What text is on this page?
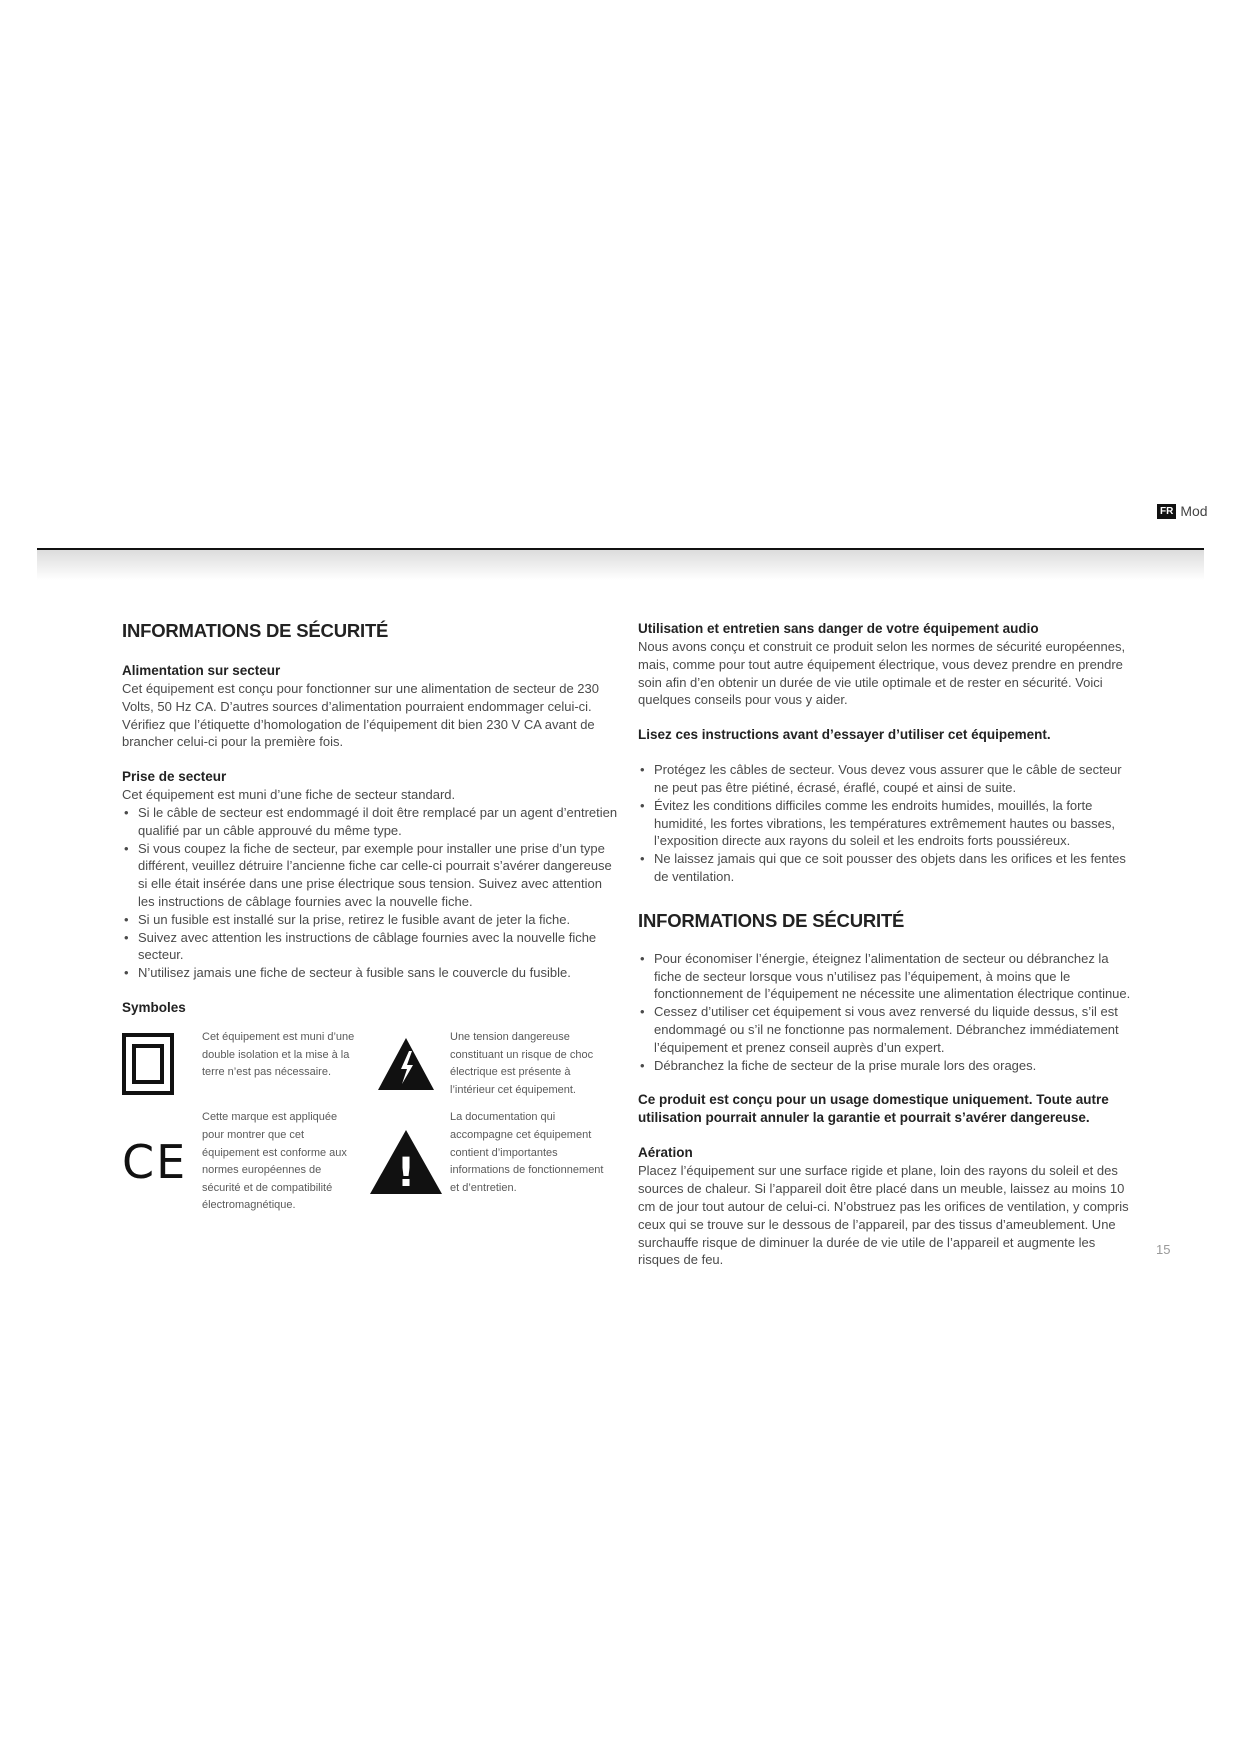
FR Mod
INFORMATIONS DE SÉCURITÉ
Alimentation sur secteur

Cet équipement est conçu pour fonctionner sur une alimentation de secteur de 230 Volts, 50 Hz CA. D’autres sources d’alimentation pourraient endommager celui-ci. Vérifiez que l’étiquette d’homologation de l’équipement dit bien 230 V CA avant de brancher celui-ci pour la première fois.

Prise de secteur

Cet équipement est muni d’une fiche de secteur standard.

• Si le câble de secteur est endommagé il doit être remplacé par un agent d’entretien qualifié par un câble approuvé du même type.
• Si vous coupez la fiche de secteur, par exemple pour installer une prise d’un type différent, veuillez détruire l’ancienne fiche car celle-ci pourrait s’avérer dangereuse si elle était insérée dans une prise électrique sous tension. Suivez avec attention les instructions de câblage fournies avec la nouvelle fiche.
• Si un fusible est installé sur la prise, retirez le fusible avant de jeter la fiche.
• Suivez avec attention les instructions de câblage fournies avec la nouvelle fiche secteur.
• N’utilisez jamais une fiche de secteur à fusible sans le couvercle du fusible.
Symboles
Cet équipement est muni d’une double isolation et la mise à la terre n’est pas nécessaire.
Une tension dangereuse constituant un risque de choc électrique est présente à l’intérieur cet équipement.
CE
Cette marque est appliquée pour montrer que cet équipement est conforme aux normes européennes de sécurité et de compatibilité électromagnétique.
!
La documentation qui accompagne cet équipement contient d’importantes informations de fonctionnement et d’entretien.
Utilisation et entretien sans danger de votre équipement audio

Nous avons conçu et construit ce produit selon les normes de sécurité européennes, mais, comme pour tout autre équipement électrique, vous devez prendre en prendre soin afin d’en obtenir un durée de vie utile optimale et de rester en sécurité. Voici quelques conseils pour vous y aider.

Lisez ces instructions avant d’essayer d’utiliser cet équipement.
• Protégez les câbles de secteur. Vous devez vous assurer que le câble de secteur ne peut pas être piétiné, écrasé, éraflé, coupé et ainsi de suite.
• Évitez les conditions difficiles comme les endroits humides, mouillés, la forte humidité, les fortes vibrations, les températures extrêmement hautes ou basses, l’exposition directe aux rayons du soleil et les endroits forts poussiéreux.
• Ne laissez jamais qui que ce soit pousser des objets dans les orifices et les fentes de ventilation.
INFORMATIONS DE SÉCURITÉ
• Pour économiser l’énergie, éteignez l’alimentation de secteur ou débranchez la fiche de secteur lorsque vous n’utilisez pas l’équipement, à moins que le fonctionnement de l’équipement ne nécessite une alimentation électrique continue.
• Cessez d’utiliser cet équipement si vous avez renversé du liquide dessus, s’il est endommagé ou s’il ne fonctionne pas normalement. Débranchez immédiatement l’équipement et prenez conseil auprès d’un expert.
• Débranchez la fiche de secteur de la prise murale lors des orages.
Ce produit est conçu pour un usage domestique uniquement. Toute autre utilisation pourrait annuler la garantie et pourrait s’avérer dangereuse.
Aération

Placez l’équipement sur une surface rigide et plane, loin des rayons du soleil et des sources de chaleur. Si l’appareil doit être placé dans un meuble, laissez au moins 10 cm de jour tout autour de celui-ci. N’obstruez pas les orifices de ventilation, y compris ceux qui se trouve sur le dessous de l’appareil, par des tissus d’ameublement. Une surchauffe risque de diminuer la durée de vie utile de l’appareil et augmente les risques de feu.

15
